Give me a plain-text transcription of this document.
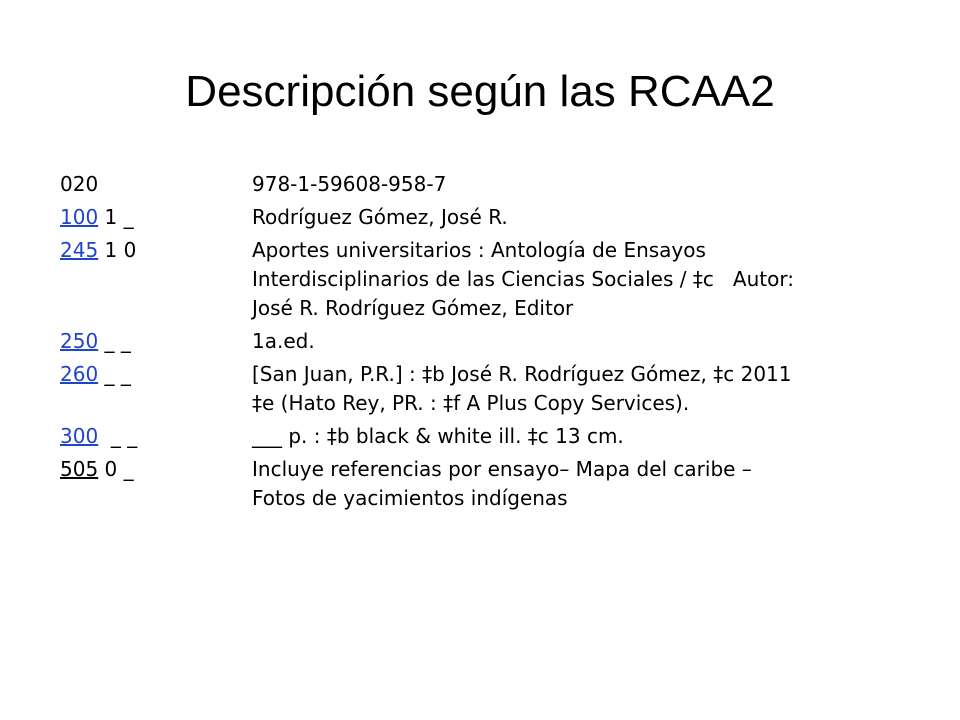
Descripción según las RCAA2
020	978-1-59608-958-7
100 1 _	Rodríguez Gómez, José R.
245 1 0	Aportes universitarios : Antología de Ensayos
Interdisciplinarios de las Ciencias Sociales / ‡c   Autor:
José R. Rodríguez Gómez, Editor
250 _ _	1a.ed.
260 _ _	[San Juan, P.R.] : ‡b José R. Rodríguez Gómez, ‡c 2011
‡e (Hato Rey, PR. : ‡f A Plus Copy Services).
300  _ _	___ p. : ‡b black & white ill. ‡c 13 cm.
505 0 _	Incluye referencias por ensayo– Mapa del caribe –
Fotos de yacimientos indígenas
